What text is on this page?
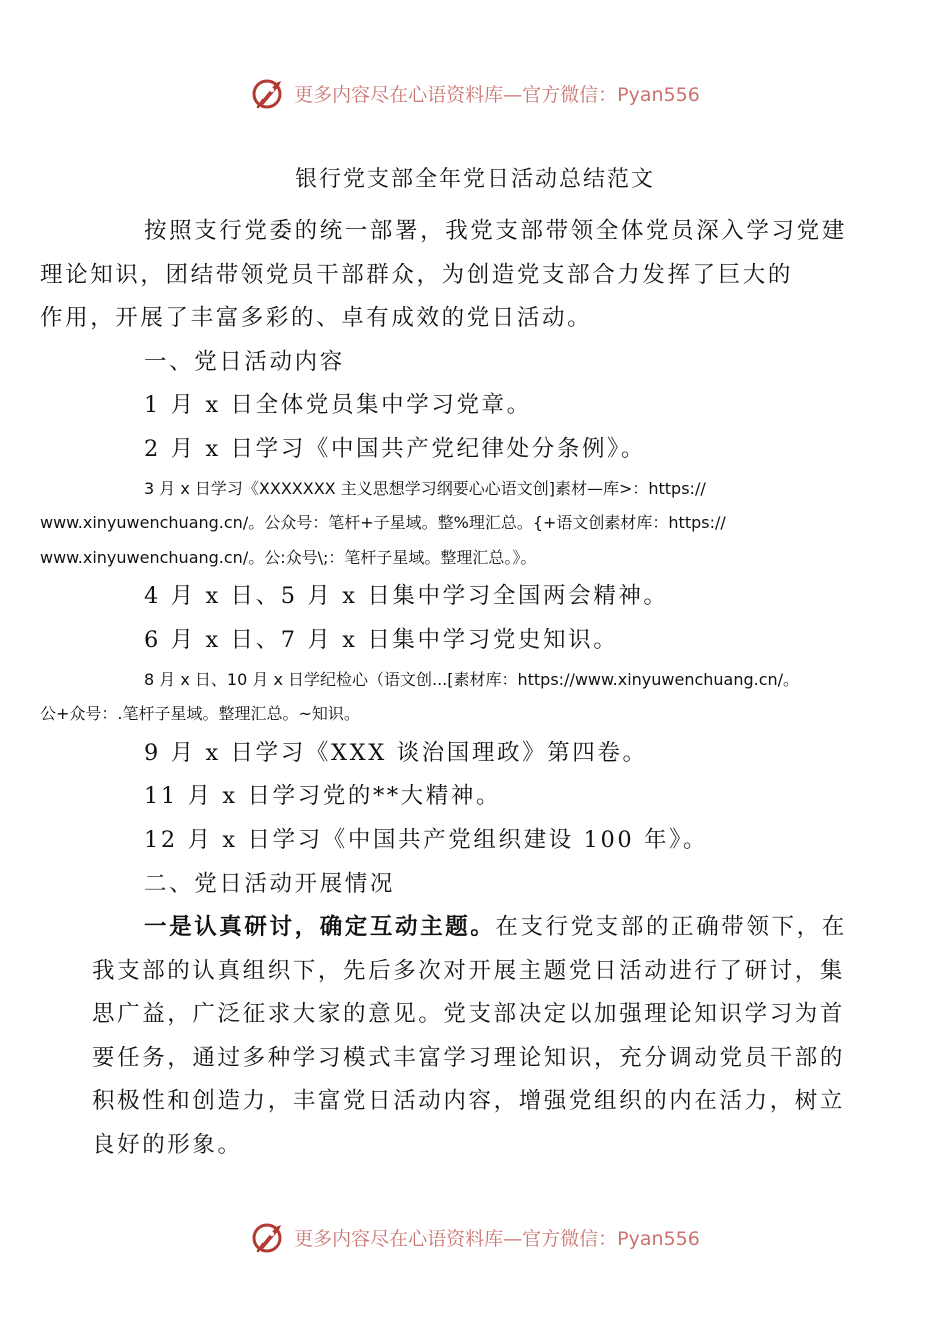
更多内容尽在心语资料库—官方微信：Pyan556
银行党支部全年党日活动总结范文

按照支行党委的统一部署，我党支部带领全体党员深入学习党建
理论知识，团结带领党员干部群众，为创造党支部合力发挥了巨大的
作用，开展了丰富多彩的、卓有成效的党日活动。

一、党日活动内容

1 月 x 日全体党员集中学习党章。

2 月 x 日学习《中国共产党纪律处分条例》。

3 月 x 日学习《XXXXXXX 主义思想学习纲要心心语文创]素材—库>：https://
www.xinyuwenchuang.cn/。公众号：笔杆+子星域。整%理汇总。{+语文创素材库：https://
www.xinyuwenchuang.cn/。公:众号\;：笔杆子星域。整理汇总。》。

4 月 x 日、5 月 x 日集中学习全国两会精神。

6 月 x 日、7 月 x 日集中学习党史知识。

8 月 x 日、10 月 x 日学纪检心（语文创...[素材库：https://www.xinyuwenchuang.cn/。
公+众号：.笔杆子星域。整理汇总。~知识。

9 月 x 日学习《XXX 谈治国理政》第四卷。

11 月 x 日学习党的**大精神。

12 月 x 日学习《中国共产党组织建设 100 年》。

二、党日活动开展情况

一是认真研讨，确定互动主题。在支行党支部的正确带领下，在
我支部的认真组织下，先后多次对开展主题党日活动进行了研讨，集
思广益，广泛征求大家的意见。党支部决定以加强理论知识学习为首
要任务，通过多种学习模式丰富学习理论知识，充分调动党员干部的
积极性和创造力，丰富党日活动内容，增强党组织的内在活力，树立
良好的形象。

更多内容尽在心语资料库—官方微信：Pyan556
